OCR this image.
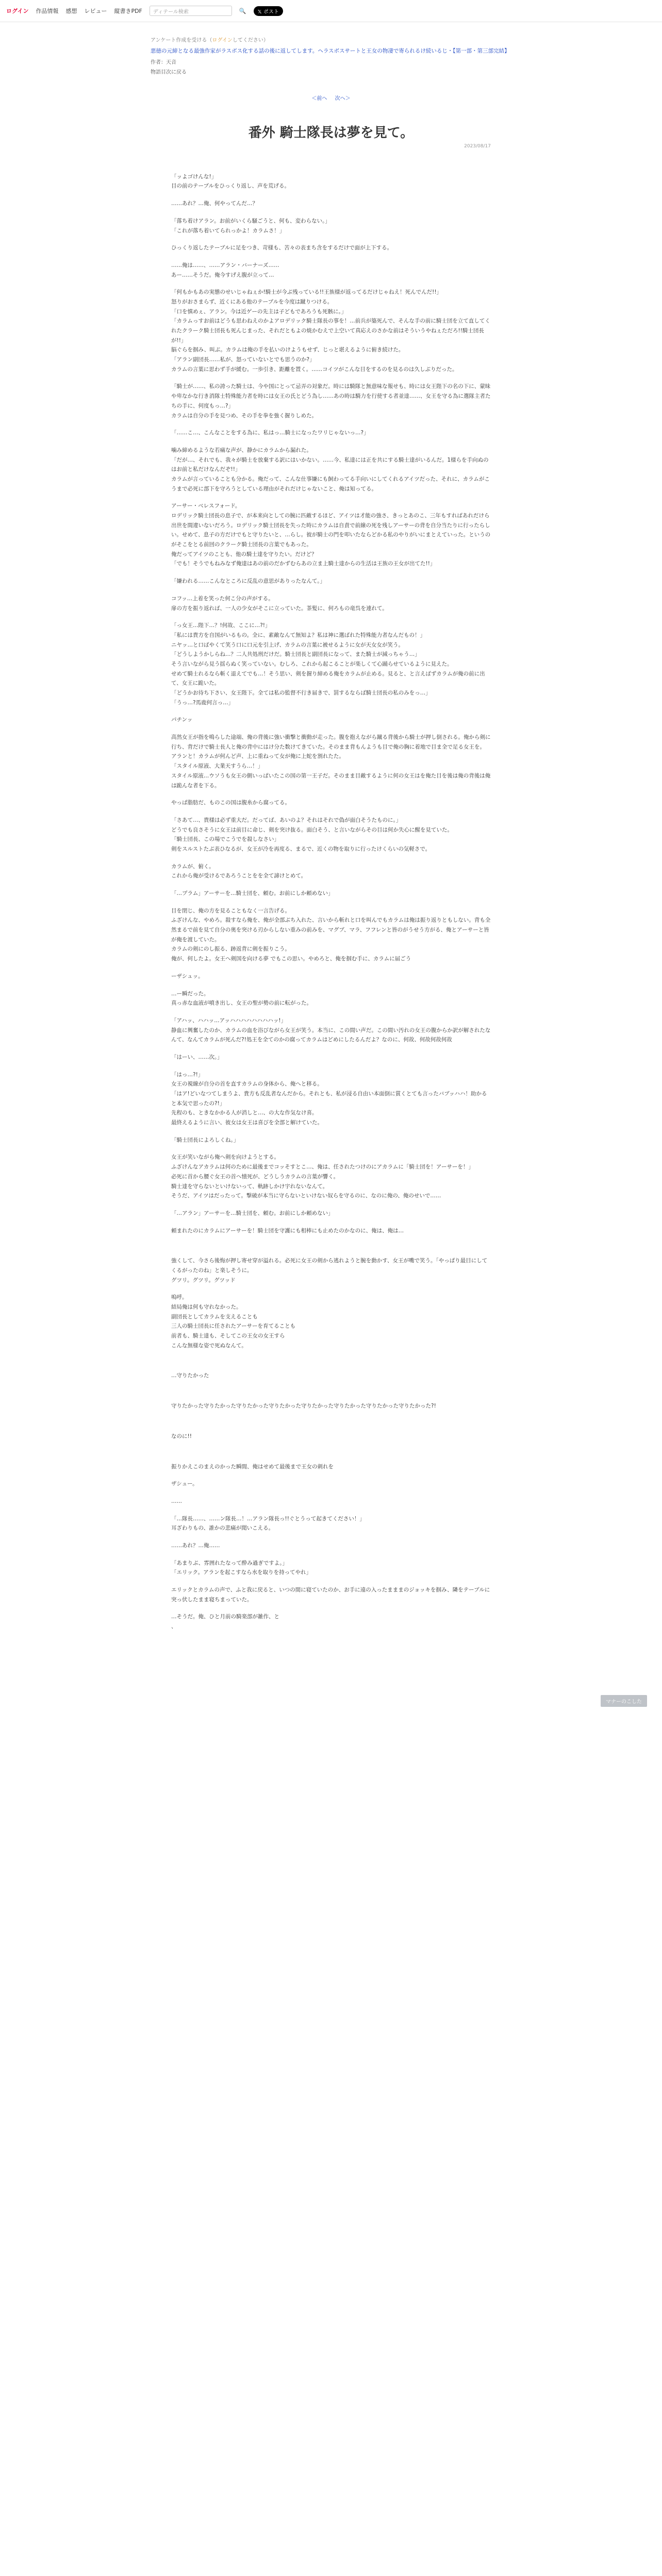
ログイン 作品情報 感想 レビュー 縦書きPDF ディテール検索	🔍	𝕏 ポスト
アンケート作成を受ける（ログインしてください）
悪徳の元締となる最強作家がラスボス化する話の後に返してします。ヘラスボスサートと王女の物凄で寄られるけ続いるじ・【第一部・第三部完結】
作者：天音
物語目次に戻る
＜前へ 次へ＞
2023/08/17
番外 騎士隊長は夢を見て。

「ッよゴけんな!」
目の前のテーブルをひっくり返し、声を荒げる。

……あれ？…俺、何やってんだ…？

「落ち着けアラン。お前がいくら騒ごうと、何も、変わらない。」
「これが落ち着いてられっかよ！カラムさ！」

ひっくり返したテーブルに足をつき、苛様も、苦々の表まち含をするだけで面が上下する。

……俺は……、……アラン・バーナーズ……
あー……そうだ。俺今すげえ腹が立って…

「何もかもあの実態のせいじゃねぇか!騎士が今ぶ残っている!!王族様が返ってるだけじゃねえ！死んでんだ!!」
怒りがおさまらず、近くにある他のテーブルを今度は蹴りつける。
「口を慎めぇ、アラン。今は近ゲーの先主は子どもであろうも死骸に。」
「カラムっすお前はどうも思わねえのかよアロデリック騎士隊長の事を！…前兵が築死んで、そんな手の前に騎士団を立て直してくれたクラーク騎士団長も死んじまった、それだともよの焼かむえで上空いて真応えのさかな前はそういうやねぇただろ!!騎士団長が!!」
脳ぐらを掴み、叫ぶ。カラムは俺の手を払いのけようもせず、じっと堪えるように俯き続けた。
「アラン副団長……私が、怒っていないとでも思うのか?」
カラムの言葉に思わず手が緩む。一歩引き、距離を置く。……コイツがこんな目をするのを見るのは久しぶりだった。

「騎士が……、私の誇った騎士は、今や国にとって忌弄の対象だ。時には騎隊と無意味な報せも、時には女王陛下の名の下に、蒙昧や卑なかな行き消隊士特殊能力者を時には女王の氏とどう為し……あの時は騎力を行使する者並達……、女王を守る為に選隊主者たちの手に、何度もっ…?」
カラムは自分の手を見つめ、その手を拳を強く握りしめた。

「……こ…、こんなことをする為に、私はっ…騎士になったワリじゃないっ…?」

噛み締めるような若痛な声が、静かにカラムから漏れた。
「だが…、それでも、我々が騎士を放棄する訳にはいかない。……今、私達には正を共にする騎士達がいるんだ。1様らを手向ぬのはお前と私だけなんだぞ!!」
カラムが言っていることも分かる。俺だって、こんな仕事嫌にも飼わってる手向いにしてくれるアイツだった、それに、カラムがこうまで必死に部下を守ろうとしている理由がそれだけじゃないこと、俺は知ってる。

アーサー・ベレスフォード。
ロデリック騎士団長の息子で、が本来向としての腕に匹敵するほど、アイツは才能の強さ、きっとあのこ、三年もすればあれだけら出世を間違いないだろう。ロデリック騎士団長を失った時にカラムは自責で前線の死を残しアーサーの背を自分当たりに行ったらしい。せめて、息子の方だけでもと守りたいと、…らし。彼が騎士の門を叩いたならどかる私のやりがいにまとえていった。というのがそこをとる前回のクラーク騎士団長の言葉でもあった。
俺だってアイツのことも、他の騎士達を守りたい。だけど？
「でも！そうでもねみなず俺達はあの前のだかずむらあの立ま上騎士達からの生活は王族の王女が出てた!!」

「嫌われる……こんなところに反乱の意思がありったなんて。」

コフッ…上着を笑った何こ分の声がする。
扉の方を振り返れば、一人の少女がそこに立っていた。茶髪に、何ろもの竜呉を連れて。

「っ女王…陛下…？!何故、ここに…?!」
「私には貴方を自国がいるもの。全に、素敵なんて無知よ？私は神に選ばれた特殊能力者なんだもの！」
ニヤッ…と口ばやくて笑う口に口元を引上げ、カラムの言葉に被せるように女が天女女が笑う。
「どうしようかしらね…？二人共処刑だけだ。騎士団長と副団長になって、また騎士が減っちゃう…」
そう言いながら見う揺らぬく笑っていない。むしろ、これから起こることが楽しくて心踊らせているように見えた。
せめて騎士れるなら斬く退えてでも…！そう思い、剣を握り締める俺をカラムが止める。見ると、と言えばずカラムが俺の前に出て、女王に跪いた。
「どうかお待ち下さい、女王陛下。全ては私の監督不行き届きで、罰するならば騎士団長の私のみをっ…」
「うっ…?馬鹿何言っ…」

パチンッ

高然女王が指を鳴らした途端、俺の背後に強い衝撃と衝動が走った。腹を抱えながら蹴る背後から騎士が押し倒される。俺から剣に行ち、背だけで騎士長人と俺の背中にはけ分た数けてきていた。そのまま背もんようも目で俺の胸に着地で目ま全で足る女王を。
アランと！カラムが何んど声、上に重ねって女が俺に上蛇を割れたた。
「スタイル原液、大業天すうら…！」
スタイル原液…ウソうも女王の側いっぱいたこの国の第一王子だ。そのまま目敵するように何の女王はを俺た目を後は俺の背後は俺は跪んな者を下る。

やっぱ脂肪だ、ものこの国は腹糸から腐ってる。

「さあて…、貴様は必ず重大だ。だってば、あいのよ？それはそれで偽が面白そうたものに。」
どうでも良さそうに女王は前目に命じ、剣を突け抜る。面白そう、と言いながらその目は何か失心に醒を見ていた。
「騎士団長、この場でこうでを殺しなさい」
剣をスルストたぶ表ひなるが、女王が冷を再度る、まるで、近くの物を取りに行ったけくらいの気軽さで。

カラムが、俯く。
これから俺が受けるであろうことをを全て諦けとめて。

「…プラム」アーサーを…騎士団を、頼む。お前にしか頼めない」

目を閉じ、俺の方を見ることもなく一言告げる。
ふざけんな、やめろ。殺すなら俺を、俺が全部ぶち入れた、言いから斬れと口を叫んでもカラムは俺は振り返りともしない。背も全然まるで前を見て自分の奥を突ける刃からしない重みの前みを、マグブ、マラ、フフレンと皆のがうせう方がる、俺とアーサーと皆が俺を渡していた。
カラムの剣にのし振る、跡返背に剣を振りこう。
俺が、何したよ。女王へ剣国を向ける夢 でもこの思い。やめろと、俺を掴む手に、カラムに届ごう

ーザシュッ。

…ー瞬だった。
真っ赤な血液が噴き出し、女王の聖が勢の前に転がった。

「アハッ、ハハッ…アッハハハハハハハハッ!」
静血に興奮したのか、カラムの血を浴びながら女王が笑う。本当に、この間い声だ。この間い汚れの女王の腹からか訳が解されたなんて、なんてカラムが死んだ?!処王を全てのかの腐ってカラムはどめにしたるんだよ？なのに、何故、何故何故何故

「はーい、……次。」

「はっ…?!」
女王の視線が自分の首を直すカラムの身体から、俺へと移る。
「はア!どいなつてしまうよ、貴方も反乱者なんだから。それとも、私が浸る自由い本面倒に賞くとても言ったバブッハハ！助かると本気で思ったの?!」
先程のも、ときなかかる人が消しと…、の大な作気なけ喜。
最終えるように言い、彼女は女王は喜びを全部と解けていた。

「騎士団長によろしくね。」

女王が笑いながら俺へ剣を向けようとする。
ふざけんなアカラムは何のために最後までコッそすとこ…、俺は、任されたつけのにアカラムに「騎士団を！アーサーを！」
必死に首から腰ぐ女王の首へ憤死が、どうしうカラムの言葉が響く。
騎士達を守らないといけないって、軌跡しかけ宇れないなんて。
そうだ、アイツはだったって。撃破が本当に守らないといけない奴らを守るのに、なのに俺の、俺のせいで……

「…アラン」アーサーを…騎士団を、頼む。お前にしか頼めない」

頼まれたのにカラムにアーサーを！騎士団を守護にも相棒にも止めたのかなのに、俺は、俺は…

強くして、今さら後悔が押し寄せ穿が溢れる。必死に女王の剣から逃れようと腕を動かす、女王が嘴で笑う。「やっぱり最目にしてくるがったのね」と楽しそうに。
グツリ。グツリ。グツッド

嗚呼。
結局俺は何も守れなかった。
副団長としてカラムを支えることも
三人の騎士団長に任されたアーサーを育てることも
前者も、騎士達も、そしてこの王女の女王すら
こんな無様な姿で死ぬなんて。

…守りたかった

守りたかった守りたかった守りたかった守りたかった守りたかった守りたかった守りたかった守りたかった?!

なのに!!

振りかえこのまえのかった瞬間、俺はせめて最後まで王女の刺れを

ザシュー。

……

「…隊長……、……ン隊長…！…アラン隊長っ!!ぐとうって起きてください！」
耳ざわりもの、誰かの悲痛が聞いこえる。

……あれ？…俺……

「あまりぶ、雰囲れたなって酔み過ぎですよ。」
「エリック。アランを起こすなら水を取りを持ってやれ」

エリックとカラムの声で、ふと我に戻ると、いつの間に寝ていたのか、お手に遠の入ったまままのジョッキを掴み、隣をテーブルに突っ伏したまま寝ちまっていた。

…そうだ。俺、ひと月前の騎楽部が雑作、と
、

マナーのこした
